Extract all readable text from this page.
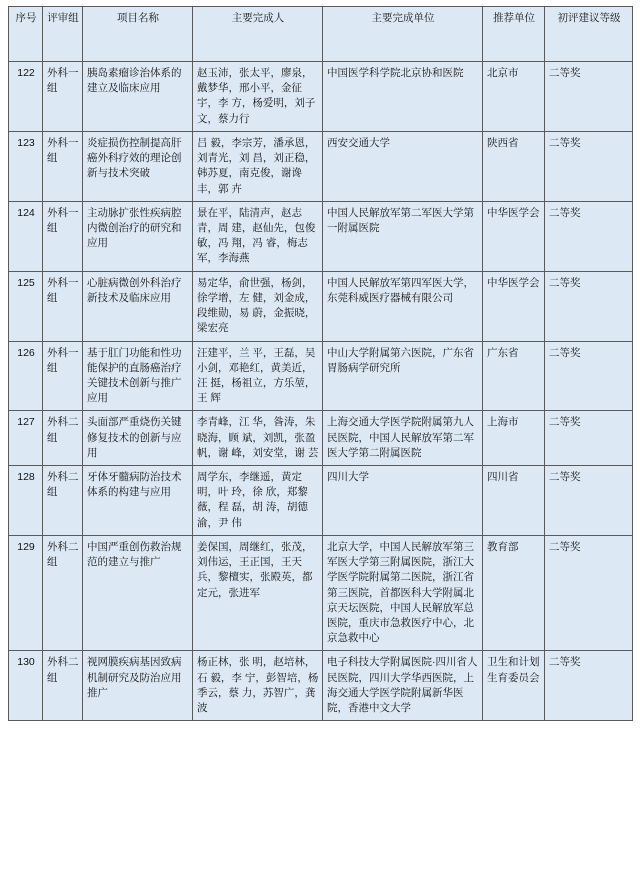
序号	评审组	项目名称	主要完成人	主要完成单位	推荐单位	初评建议等级
122	外科一组	胰岛素瘤诊治体系的建立及临床应用	赵玉沛，张太平，廖泉，戴梦华，邢小平，金征宇，李 方，杨爱明，刘子文，蔡力行	中国医学科学院北京协和医院	北京市	二等奖
123	外科一组	炎症损伤控制提高肝癌外科疗效的理论创新与技术突破	吕 毅，李宗芳，潘承恩，刘青光，刘 昌，刘正稳，韩苏夏，南克俊，谢谗丰，郭 卉	西安交通大学	陕西省	二等奖
124	外科一组	主动脉扩张性疾病腔内微创治疗的研究和应用	景在平，陆清声，赵志青，周 建，赵仙先，包俊敏，冯 翔，冯 睿，梅志军，李海燕	中国人民解放军第二军医大学第一附属医院	中华医学会	二等奖
125	外科一组	心脏病微创外科治疗新技术及临床应用	易定华，俞世强，杨剑，徐学增，左 健，刘金成，段维勋，易 蔚，金振晓，梁宏亮	中国人民解放军第四军医大学，东莞科威医疗器械有限公司	中华医学会	二等奖
126	外科一组	基于肛门功能和性功能保护的直肠癌治疗关键技术创新与推广应用	汪建平，兰 平，王磊，吴小剑，邓艳红，黄美近，汪 挺，杨祖立，方乐堃，王 辉	中山大学附属第六医院，广东省胃肠病学研究所	广东省	二等奖
127	外科二组	头面部严重烧伤关键修复技术的创新与应用	李青峰，江 华，昝涛，朱晓海，顾 斌，刘凯，张盈帆，谢 峰，刘安堂，谢 芸	上海交通大学医学院附属第九人民医院，中国人民解放军第二军医大学第二附属医院	上海市	二等奖
128	外科二组	牙体牙髓病防治技术体系的构建与应用	周学东，李继遥，黄定明，叶 玲，徐 欣，郑黎薇，程 磊，胡 涛，胡德渝，尹 伟	四川大学	四川省	二等奖
129	外科二组	中国严重创伤救治规范的建立与推广	姜保国，周继红，张茂，刘伟运，王正国，王天兵，黎檀实，张殿英，都定元，张进军	北京大学，中国人民解放军第三军医大学第三附属医院，浙江大学医学院附属第二医院，浙江省第三医院，首都医科大学附属北京天坛医院，中国人民解放军总医院，重庆市急救医疗中心，北京急救中心	教育部	二等奖
130	外科二组	视网膜疾病基因致病机制研究及防治应用推广	杨正林，张 明，赵培林，石 毅，李 宁，彭智培，杨季云，蔡 力，苏智广，龚 波	电子科技大学附属医院·四川省人民医院，四川大学华西医院，上海交通大学医学院附属新华医院，香港中文大学	卫生和计划生育委员会	二等奖
